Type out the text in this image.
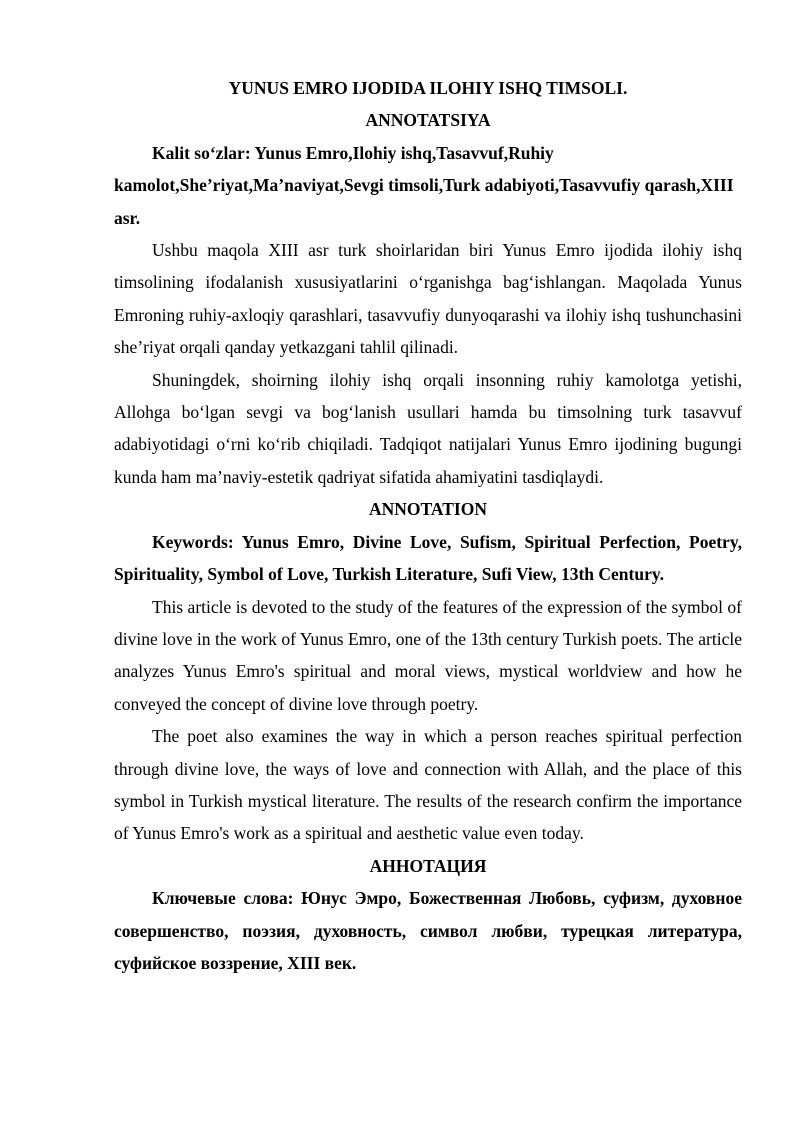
YUNUS EMRO IJODIDA ILOHIY ISHQ TIMSOLI.

ANNOTATSIYA

Kalit so‘zlar: Yunus Emro,Ilohiy ishq,Tasavvuf,Ruhiy kamolot,She’riyat,Ma’naviyat,Sevgi timsoli,Turk adabiyoti,Tasavvufiy qarash,XIII asr.

Ushbu maqola XIII asr turk shoirlaridan biri Yunus Emro ijodida ilohiy ishq timsolining ifodalanish xususiyatlarini o‘rganishga bag‘ishlangan. Maqolada Yunus Emroning ruhiy-axloqiy qarashlari, tasavvufiy dunyoqarashi va ilohiy ishq tushunchasini she’riyat orqali qanday yetkazgani tahlil qilinadi.

Shuningdek, shoirning ilohiy ishq orqali insonning ruhiy kamolotga yetishi, Allohga bo‘lgan sevgi va bog‘lanish usullari hamda bu timsolning turk tasavvuf adabiyotidagi o‘rni ko‘rib chiqiladi. Tadqiqot natijalari Yunus Emro ijodining bugungi kunda ham ma’naviy-estetik qadriyat sifatida ahamiyatini tasdiqlaydi.

ANNOTATION

Keywords: Yunus Emro, Divine Love, Sufism, Spiritual Perfection, Poetry, Spirituality, Symbol of Love, Turkish Literature, Sufi View, 13th Century.

This article is devoted to the study of the features of the expression of the symbol of divine love in the work of Yunus Emro, one of the 13th century Turkish poets. The article analyzes Yunus Emro's spiritual and moral views, mystical worldview and how he conveyed the concept of divine love through poetry.

The poet also examines the way in which a person reaches spiritual perfection through divine love, the ways of love and connection with Allah, and the place of this symbol in Turkish mystical literature. The results of the research confirm the importance of Yunus Emro's work as a spiritual and aesthetic value even today.

АННОТАЦИЯ

Ключевые слова: Юнус Эмро, Божественная Любовь, суфизм, духовное совершенство, поэзия, духовность, символ любви, турецкая литература, суфийское воззрение, XIII век.
